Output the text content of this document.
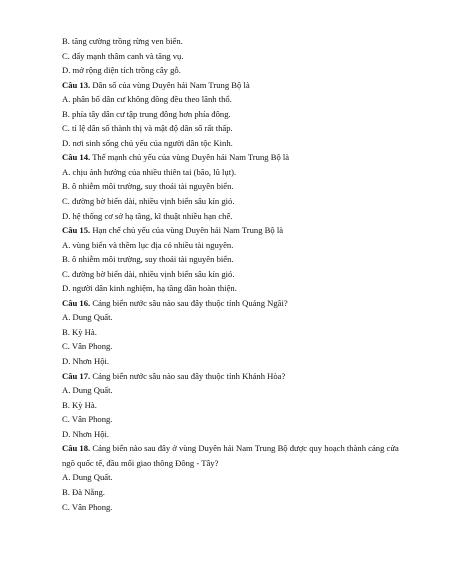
B. tăng cường trồng rừng ven biển.
C. đẩy mạnh thâm canh và tăng vụ.
D. mở rộng diện tích trồng cây gỗ.
Câu 13. Dân số của vùng Duyên hải Nam Trung Bộ là
A. phân bố dân cư không đồng đều theo lãnh thổ.
B. phía tây dân cư tập trung đông hơn phía đông.
C. tỉ lệ dân số thành thị và mật độ dân số rất thấp.
D. nơi sinh sống chủ yếu của người dân tộc Kinh.
Câu 14. Thế mạnh chủ yếu của vùng Duyên hải Nam Trung Bộ là
A. chịu ảnh hưởng của nhiều thiên tai (bão, lũ lụt).
B. ô nhiễm môi trường, suy thoái tài nguyên biển.
C. đường bờ biển dài, nhiều vịnh biển sâu kín gió.
D. hệ thống cơ sở hạ tầng, kĩ thuật nhiều hạn chế.
Câu 15. Hạn chế chủ yếu của vùng Duyên hải Nam Trung Bộ là
A. vùng biển và thềm lục địa có nhiều tài nguyên.
B. ô nhiễm môi trường, suy thoái tài nguyên biển.
C. đường bờ biển dài, nhiều vịnh biển sâu kín gió.
D. người dân kinh nghiệm, hạ tầng dần hoàn thiện.
Câu 16. Cảng biển nước sâu nào sau đây thuộc tỉnh Quảng Ngãi?
A. Dung Quất.
B. Kỳ Hà.
C. Vân Phong.
D. Nhơn Hội.
Câu 17. Cảng biển nước sâu nào sau đây thuộc tỉnh Khánh Hòa?
A. Dung Quất.
B. Kỳ Hà.
C. Vân Phong.
D. Nhơn Hội.
Câu 18. Cảng biển nào sau đây ở vùng Duyên hải Nam Trung Bộ được quy hoạch thành cảng cửa ngõ quốc tế, đầu mối giao thông Đông - Tây?
A. Dung Quất.
B. Đà Nẵng.
C. Vân Phong.
